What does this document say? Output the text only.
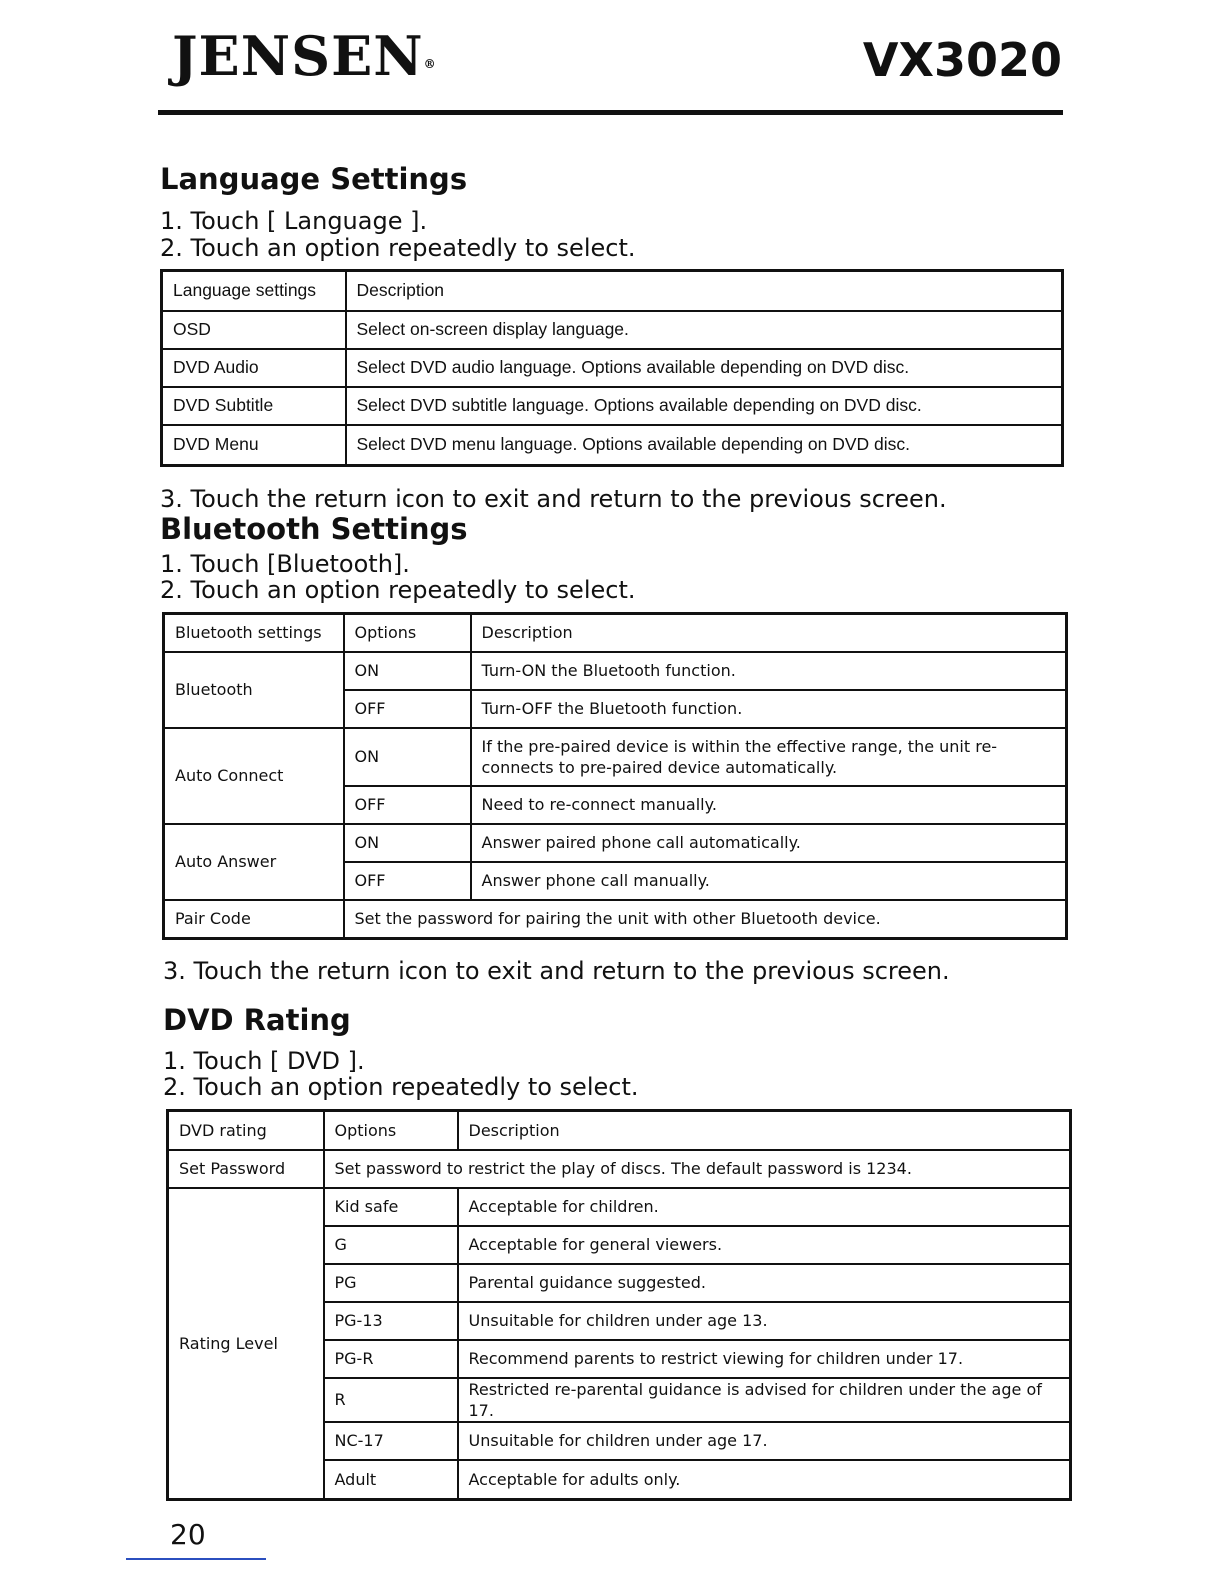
JENSEN®	VX3020
Language Settings
1. Touch [ Language ].
2. Touch an option repeatedly to select.
Language settings	Description
OSD	Select on-screen display language.
DVD Audio	Select DVD audio language. Options available depending on DVD disc.
DVD Subtitle	Select DVD subtitle language. Options available depending on DVD disc.
DVD Menu	Select DVD menu language. Options available depending on DVD disc.
3. Touch the return icon to exit and return to the previous screen.
Bluetooth Settings
1. Touch [Bluetooth].
2. Touch an option repeatedly to select.
Bluetooth settings	Options	Description
Bluetooth	ON	Turn-ON the Bluetooth function.
	OFF	Turn-OFF the Bluetooth function.
Auto Connect	ON	If the pre-paired device is within the effective range, the unit re-connects to pre-paired device automatically.
	OFF	Need to re-connect manually.
Auto Answer	ON	Answer paired phone call automatically.
	OFF	Answer phone call manually.
Pair Code	Set the password for pairing the unit with other Bluetooth device.	
3. Touch the return icon to exit and return to the previous screen.
DVD Rating
1. Touch [ DVD ].
2. Touch an option repeatedly to select.
DVD rating	Options	Description
Set Password	Set password to restrict the play of discs. The default password is 1234.	
Rating Level	Kid safe	Acceptable for children.
	G	Acceptable for general viewers.
	PG	Parental guidance suggested.
	PG-13	Unsuitable for children under age 13.
	PG-R	Recommend parents to restrict viewing for children under 17.
	R	Restricted re-parental guidance is advised for children under the age of 17.
	NC-17	Unsuitable for children under age 17.
	Adult	Acceptable for adults only.
20
